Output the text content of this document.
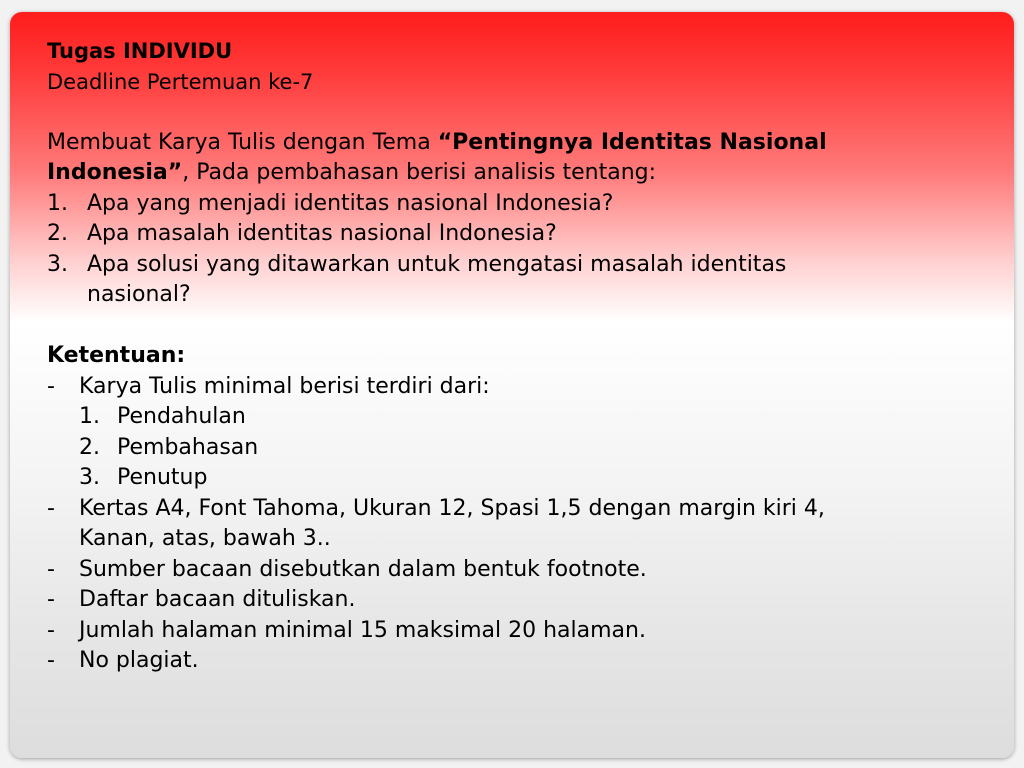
Tugas INDIVIDU
Deadline Pertemuan ke-7
Membuat Karya Tulis dengan Tema “Pentingnya Identitas Nasional
Indonesia”, Pada pembahasan berisi analisis tentang:
1. Apa yang menjadi identitas nasional Indonesia?
2. Apa masalah identitas nasional Indonesia?
3. Apa solusi yang ditawarkan untuk mengatasi masalah identitas
nasional?
Ketentuan:
-	Karya Tulis minimal berisi terdiri dari:
1. Pendahulan
2. Pembahasan
3. Penutup
-	Kertas A4, Font Tahoma, Ukuran 12, Spasi 1,5 dengan margin kiri 4,
Kanan, atas, bawah 3..
-	Sumber bacaan disebutkan dalam bentuk footnote.
-	Daftar bacaan dituliskan.
-	Jumlah halaman minimal 15 maksimal 20 halaman.
-	No plagiat.
